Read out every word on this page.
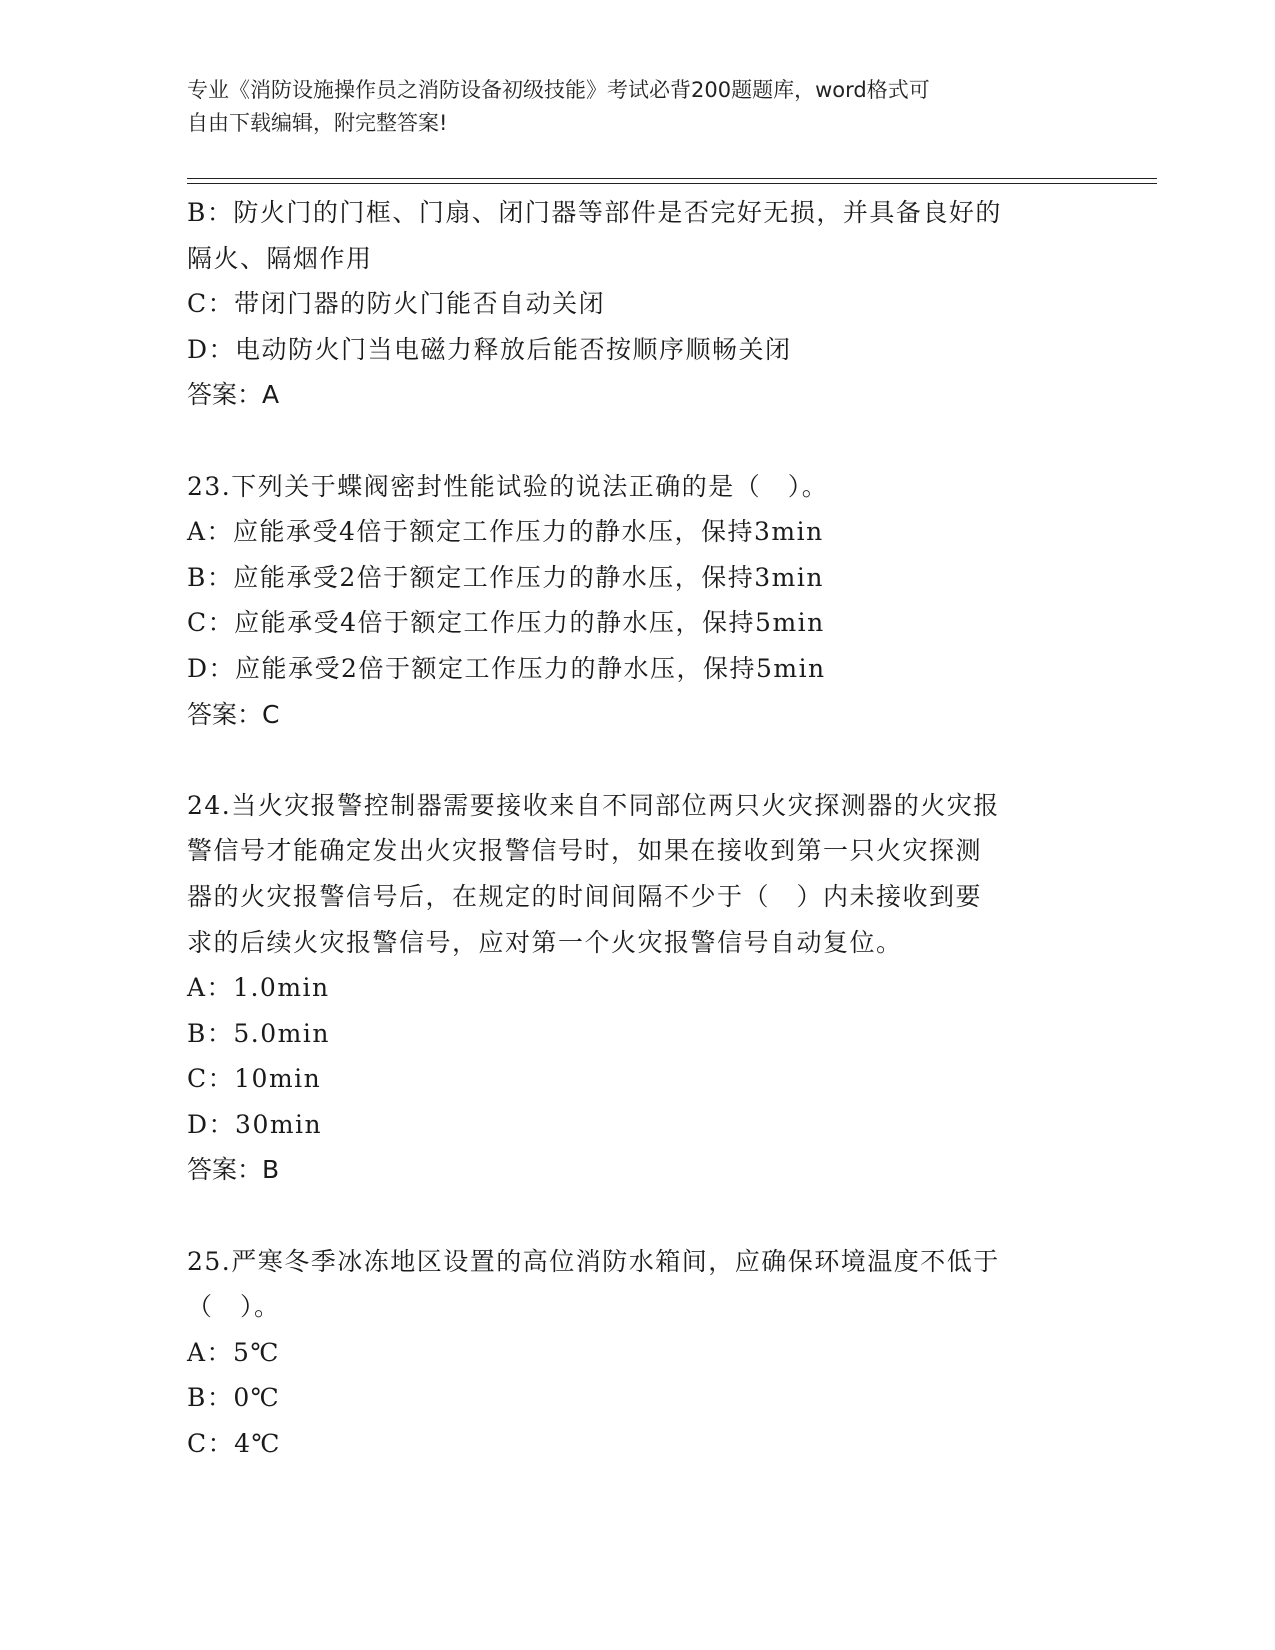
专业《消防设施操作员之消防设备初级技能》考试必背200题题库，word格式可
自由下载编辑，附完整答案!
B：防火门的门框、门扇、闭门器等部件是否完好无损，并具备良好的
隔火、隔烟作用
C：带闭门器的防火门能否自动关闭
D：电动防火门当电磁力释放后能否按顺序顺畅关闭
答案：A
23.下列关于蝶阀密封性能试验的说法正确的是（　）。
A：应能承受4倍于额定工作压力的静水压，保持3min
B：应能承受2倍于额定工作压力的静水压，保持3min
C：应能承受4倍于额定工作压力的静水压，保持5min
D：应能承受2倍于额定工作压力的静水压，保持5min
答案：C
24.当火灾报警控制器需要接收来自不同部位两只火灾探测器的火灾报
警信号才能确定发出火灾报警信号时，如果在接收到第一只火灾探测
器的火灾报警信号后，在规定的时间间隔不少于（　）内未接收到要
求的后续火灾报警信号，应对第一个火灾报警信号自动复位。
A：1.0min
B：5.0min
C：10min
D：30min
答案：B
25.严寒冬季冰冻地区设置的高位消防水箱间，应确保环境温度不低于
（　）。
A：5℃
B：0℃
C：4℃
